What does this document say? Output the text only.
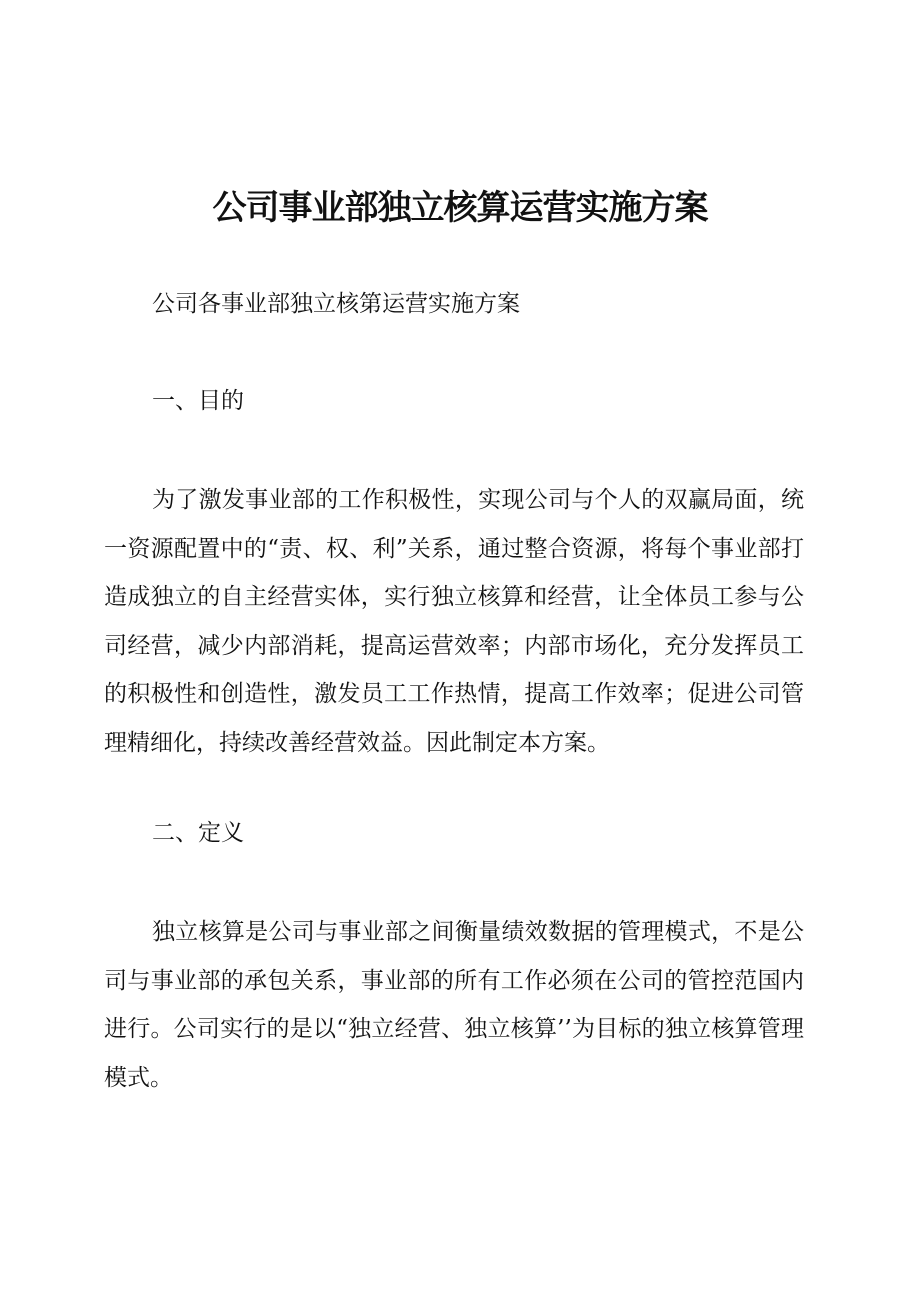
公司事业部独立核算运营实施方案

公司各事业部独立核第运营实施方案

一、目的

为了激发事业部的工作积极性，实现公司与个人的双赢局面，统一资源配置中的“责、权、利”关系，通过整合资源，将每个事业部打造成独立的自主经营实体，实行独立核算和经营，让全体员工参与公司经营，减少内部消耗，提高运营效率；内部市场化，充分发挥员工的积极性和创造性，激发员工工作热情，提高工作效率；促进公司管理精细化，持续改善经营效益。因此制定本方案。

二、定义

独立核算是公司与事业部之间衡量绩效数据的管理模式，不是公司与事业部的承包关系，事业部的所有工作必须在公司的管控范国内进行。公司实行的是以“独立经营、独立核算’’为目标的独立核算管理模式。
